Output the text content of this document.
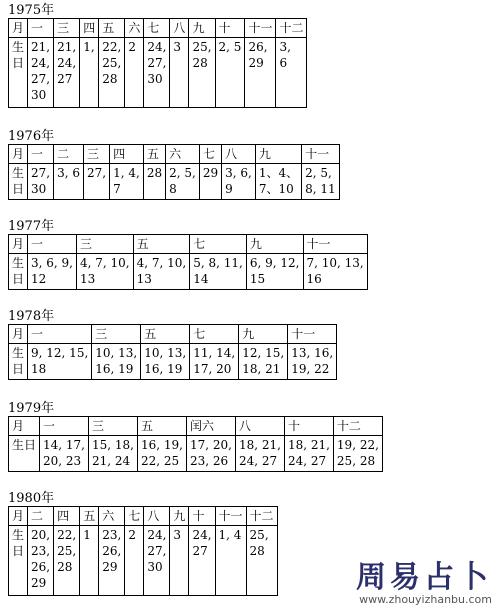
1975年
月	一	三	四	五	六	七	八	九	十	十一	十二
生
日	21,
24,
27,
30	21,
24,
27	1,	22,
25,
28	2	24,
27,
30	3	25,
28	2, 5	26,
29	3,
6
1976年
月	一	二	三	四	五	六	七	八	九	十一
生
日	27,
30	3, 6	27,	1, 4,
7	28	2, 5,
8	29	3, 6,
9	1、4、
7、10	2, 5,
8, 11
1977年
月	一	三	五	七	九	十一
生
日	3, 6, 9,
12	4, 7, 10,
13	4, 7, 10,
13	5, 8, 11,
14	6, 9, 12,
15	7, 10, 13,
16
1978年
月	一	三	五	七	九	十一
生
日	9, 12, 15,
18	10, 13,
16, 19	10, 13,
16, 19	11, 14,
17, 20	12, 15,
18, 21	13, 16,
19, 22
1979年
月	一	三	五	闰六	八	十	十二
生日	14, 17,
20, 23	15, 18,
21, 24	16, 19,
22, 25	17, 20,
23, 26	18, 21,
24, 27	18, 21,
24, 27	19, 22,
25, 28
1980年
月	二	四	五	六	七	八	九	十	十一	十二
生
日	20,
23,
26,
29	22,
25,
28	1	23,
26,
29	2	24,
27,
30	3	24,
27	1, 4	25,
28
周易占卜
www.zhouyizhanbu.com
